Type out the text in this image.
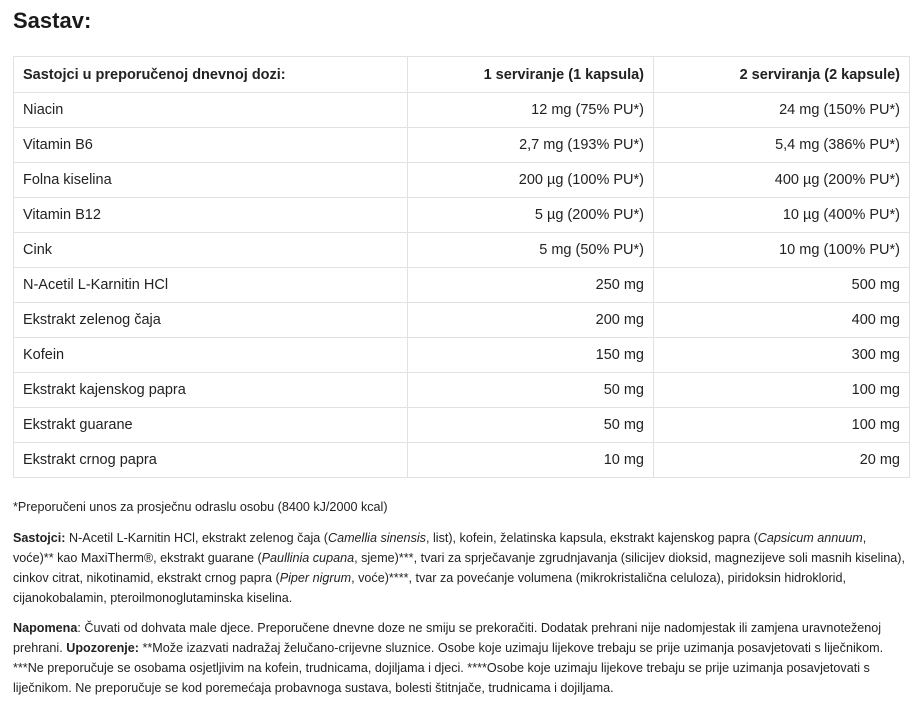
Sastav:
Sastojci u preporučenoj dnevnoj dozi:	1 serviranje (1 kapsula)	2 serviranja (2 kapsule)
Niacin	12 mg (75% PU*)	24 mg (150% PU*)
Vitamin B6	2,7 mg (193% PU*)	5,4 mg (386% PU*)
Folna kiselina	200 µg (100% PU*)	400 µg (200% PU*)
Vitamin B12	5 µg (200% PU*)	10 µg (400% PU*)
Cink	5 mg (50% PU*)	10 mg (100% PU*)
N-Acetil L-Karnitin HCl	250 mg	500 mg
Ekstrakt zelenog čaja	200 mg	400 mg
Kofein	150 mg	300 mg
Ekstrakt kajenskog papra	50 mg	100 mg
Ekstrakt guarane	50 mg	100 mg
Ekstrakt crnog papra	10 mg	20 mg

*Preporučeni unos za prosječnu odraslu osobu (8400 kJ/2000 kcal)

Sastojci: N-Acetil L-Karnitin HCl, ekstrakt zelenog čaja (Camellia sinensis, list), kofein, želatinska kapsula, ekstrakt kajenskog papra (Capsicum annuum, voće)** kao MaxiTherm®, ekstrakt guarane (Paullinia cupana, sjeme)***, tvari za sprječavanje zgrudnjavanja (silicijev dioksid, magnezijeve soli masnih kiselina), cinkov citrat, nikotinamid, ekstrakt crnog papra (Piper nigrum, voće)****, tvar za povećanje volumena (mikrokristalična celuloza), piridoksin hidroklorid, cijanokobalamin, pteroilmonoglutaminska kiselina.

Napomena: Čuvati od dohvata male djece. Preporučene dnevne doze ne smiju se prekoračiti. Dodatak prehrani nije nadomjestak ili zamjena uravnoteženoj prehrani. Upozorenje: **Može izazvati nadražaj želučano-crijevne sluznice. Osobe koje uzimaju lijekove trebaju se prije uzimanja posavjetovati s liječnikom. ***Ne preporučuje se osobama osjetljivim na kofein, trudnicama, dojiljama i djeci. ****Osobe koje uzimaju lijekove trebaju se prije uzimanja posavjetovati s liječnikom. Ne preporučuje se kod poremećaja probavnoga sustava, bolesti štitnjače, trudnicama i dojiljama.
